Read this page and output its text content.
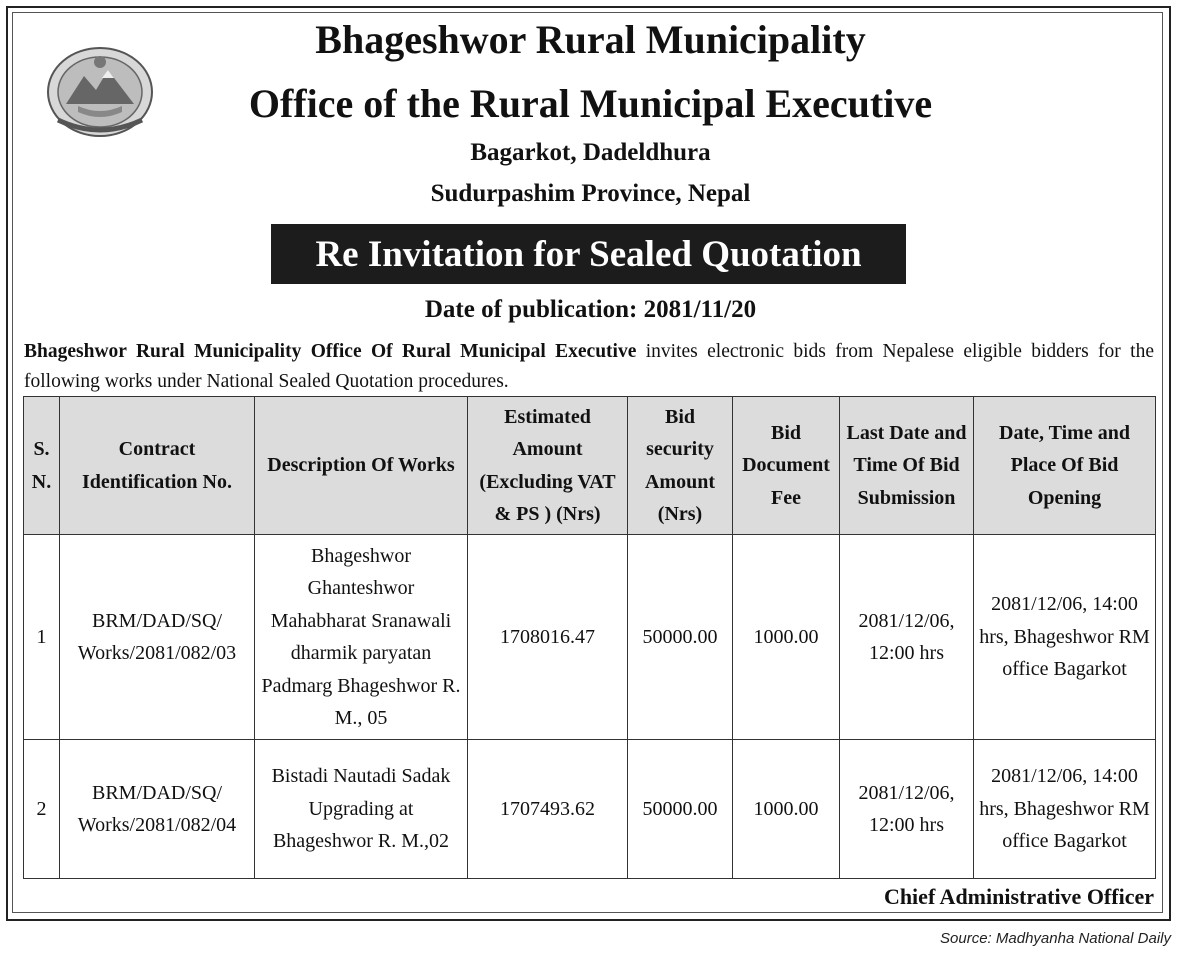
Bhageshwor Rural Municipality
Office of the Rural Municipal Executive
Bagarkot, Dadeldhura
Sudurpashim Province, Nepal
Re Invitation for Sealed Quotation
Date of publication: 2081/11/20
Bhageshwor Rural Municipality Office Of Rural Municipal Executive invites electronic bids from Nepalese eligible bidders for the following works under National Sealed Quotation procedures.
S. N.	Contract Identification No.	Description Of Works	Estimated Amount (Excluding VAT & PS ) (Nrs)	Bid security Amount (Nrs)	Bid Document Fee	Last Date and Time Of Bid Submission	Date, Time and Place Of Bid Opening
1	BRM/DAD/SQ/ Works/2081/082/03	Bhageshwor Ghanteshwor Mahabharat Sranawali dharmik paryatan Padmarg Bhageshwor R. M., 05	1708016.47	50000.00	1000.00	2081/12/06, 12:00 hrs	2081/12/06, 14:00 hrs, Bhageshwor RM office Bagarkot
2	BRM/DAD/SQ/ Works/2081/082/04	Bistadi Nautadi Sadak Upgrading at Bhageshwor R. M.,02	1707493.62	50000.00	1000.00	2081/12/06, 12:00 hrs	2081/12/06, 14:00 hrs, Bhageshwor RM office Bagarkot
Chief Administrative Officer
Source: Madhyanha National Daily
